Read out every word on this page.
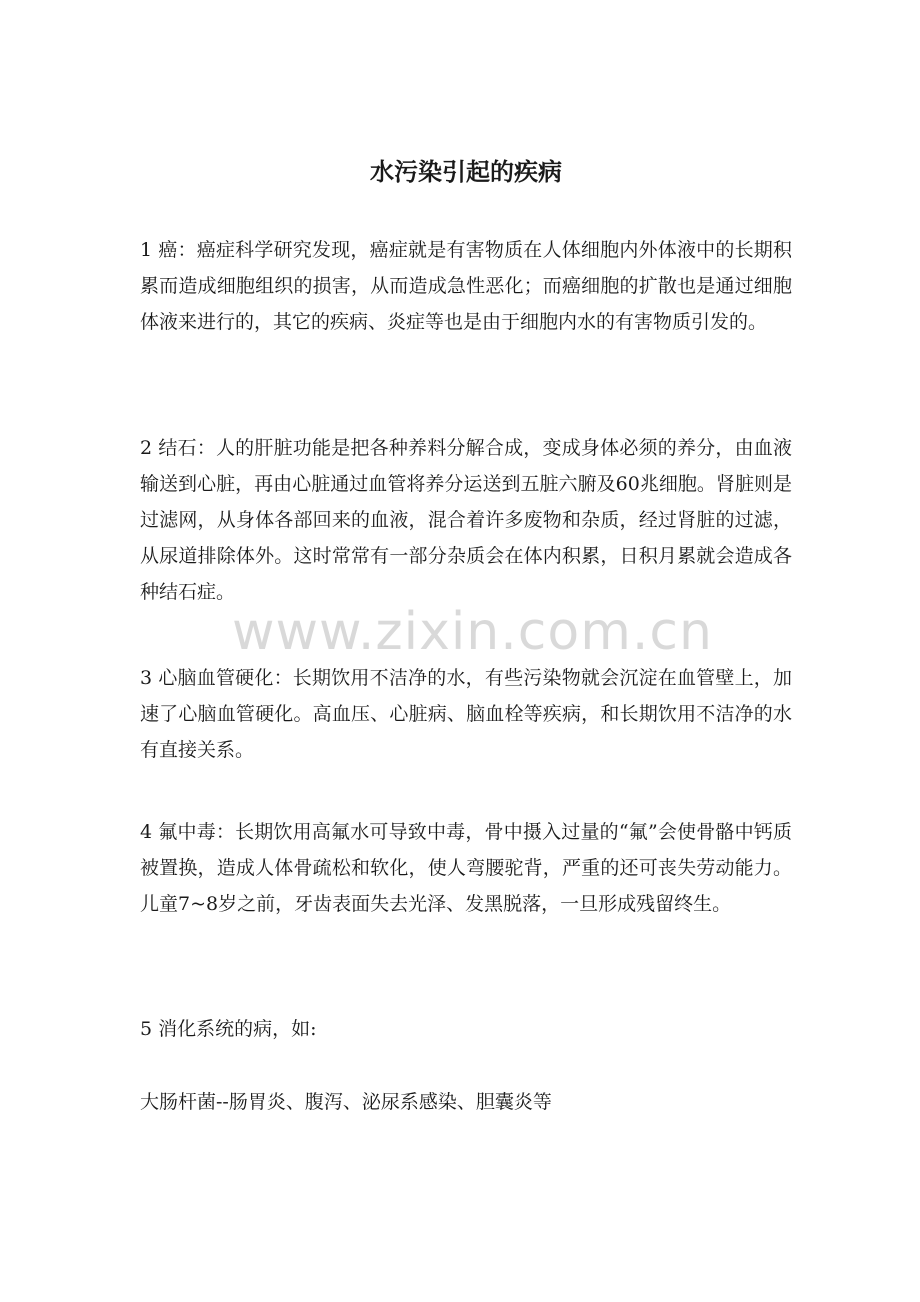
水污染引起的疾病

1 癌：癌症科学研究发现，癌症就是有害物质在人体细胞内外体液中的长期积累而造成细胞组织的损害，从而造成急性恶化；而癌细胞的扩散也是通过细胞体液来进行的，其它的疾病、炎症等也是由于细胞内水的有害物质引发的。

2 结石：人的肝脏功能是把各种养料分解合成，变成身体必须的养分，由血液输送到心脏，再由心脏通过血管将养分运送到五脏六腑及60兆细胞。肾脏则是过滤网，从身体各部回来的血液，混合着许多废物和杂质，经过肾脏的过滤，从尿道排除体外。这时常常有一部分杂质会在体内积累，日积月累就会造成各种结石症。

3 心脑血管硬化：长期饮用不洁净的水，有些污染物就会沉淀在血管壁上，加速了心脑血管硬化。高血压、心脏病、脑血栓等疾病，和长期饮用不洁净的水有直接关系。

4 氟中毒：长期饮用高氟水可导致中毒，骨中摄入过量的“氟”会使骨骼中钙质被置换，造成人体骨疏松和软化，使人弯腰驼背，严重的还可丧失劳动能力。儿童7~8岁之前，牙齿表面失去光泽、发黑脱落，一旦形成残留终生。

5 消化系统的病，如:

大肠杆菌--肠胃炎、腹泻、泌尿系感染、胆囊炎等

www.zixin.com.cn
